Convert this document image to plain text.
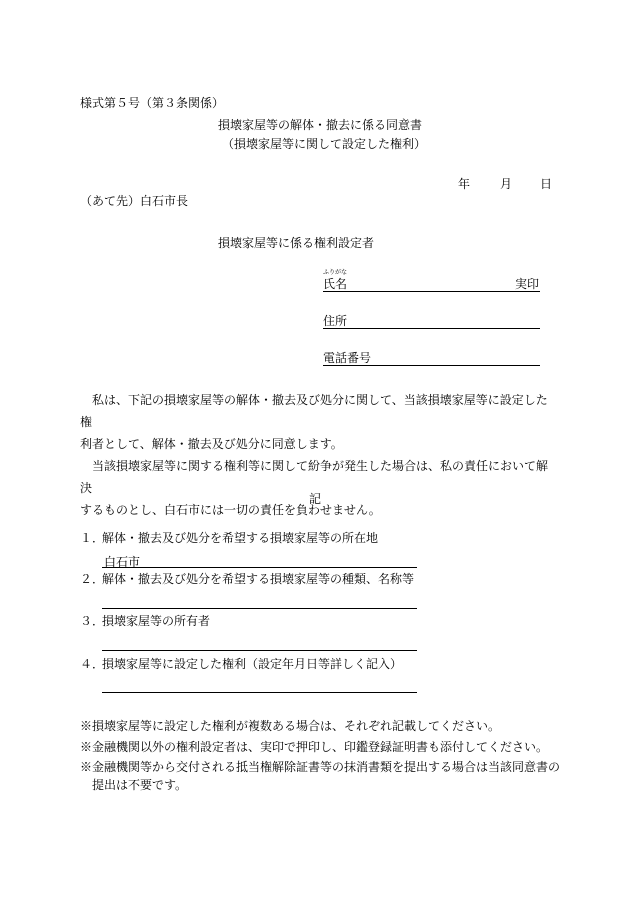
様式第５号（第３条関係）
損壊家屋等の解体・撤去に係る同意書
（損壊家屋等に関して設定した権利）
年 月 日
（あて先）白石市長
損壊家屋等に係る権利設定者
ふりがな
氏名	実印
住所
電話番号
　私は、下記の損壊家屋等の解体・撤去及び処分に関して、当該損壊家屋等に設定した権
利者として、解体・撤去及び処分に同意します。
　当該損壊家屋等に関する権利等に関して紛争が発生した場合は、私の責任において解決
するものとし、白石市には一切の責任を負わせません。
記
１．
解体・撤去及び処分を希望する損壊家屋等の所在地
白石市
２．
解体・撤去及び処分を希望する損壊家屋等の種類、名称等
３．
損壊家屋等の所有者
４．
損壊家屋等に設定した権利（設定年月日等詳しく記入）
※損壊家屋等に設定した権利が複数ある場合は、それぞれ記載してください。
※金融機関以外の権利設定者は、実印で押印し、印鑑登録証明書も添付してください。
※金融機関等から交付される抵当権解除証書等の抹消書類を提出する場合は当該同意書の
　提出は不要です。
